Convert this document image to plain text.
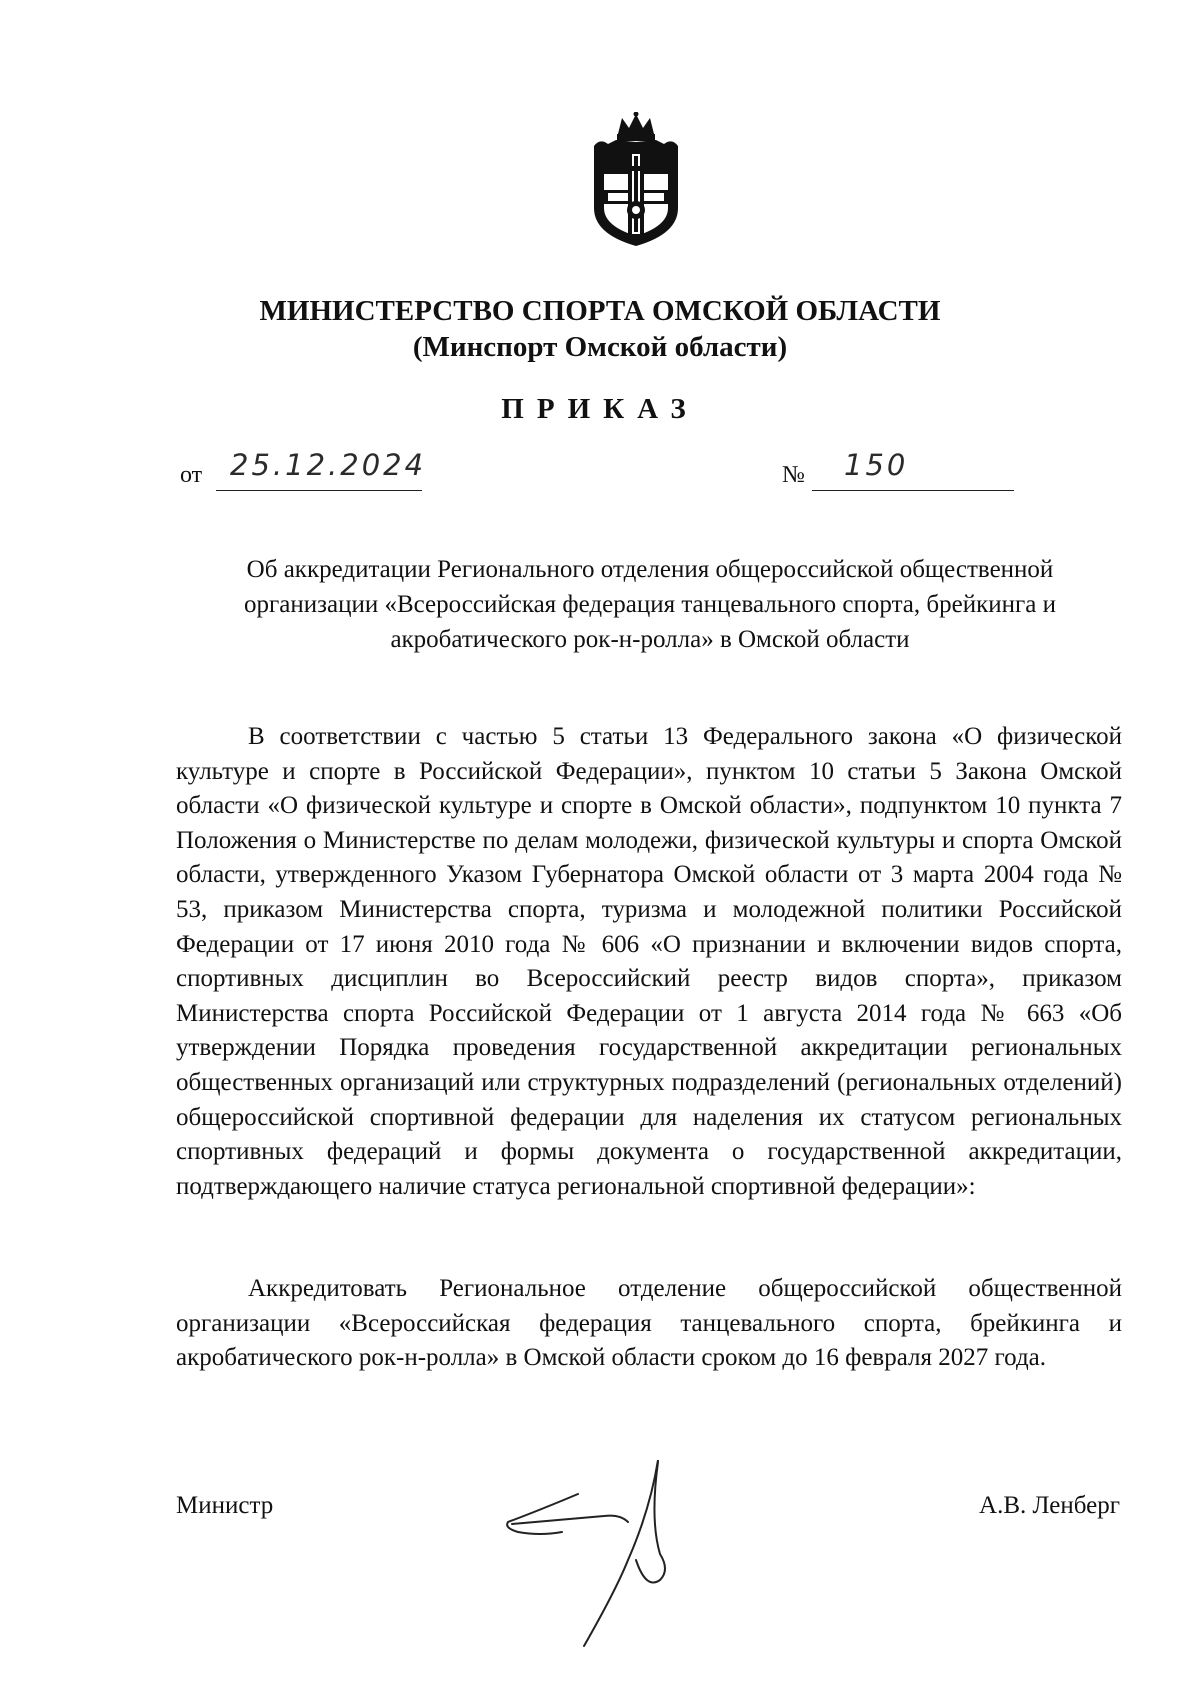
МИНИСТЕРСТВО СПОРТА ОМСКОЙ ОБЛАСТИ
(Минспорт Омской области)
ПРИКАЗ
от 25.12.2024	№ 150
Об аккредитации Регионального отделения общероссийской общественной организации «Всероссийская федерация танцевального спорта, брейкинга и акробатического рок-н-ролла» в Омской области

В соответствии с частью 5 статьи 13 Федерального закона «О физической культуре и спорте в Российской Федерации», пунктом 10 статьи 5 Закона Омской области «О физической культуре и спорте в Омской области», подпунктом 10 пункта 7 Положения о Министерстве по делам молодежи, физической культуры и спорта Омской области, утвержденного Указом Губернатора Омской области от 3 марта 2004 года № 53, приказом Министерства спорта, туризма и молодежной политики Российской Федерации от 17 июня 2010 года № 606 «О признании и включении видов спорта, спортивных дисциплин во Всероссийский реестр видов спорта», приказом Министерства спорта Российской Федерации от 1 августа 2014 года № 663 «Об утверждении Порядка проведения государственной аккредитации региональных общественных организаций или структурных подразделений (региональных отделений) общероссийской спортивной федерации для наделения их статусом региональных спортивных федераций и формы документа о государственной аккредитации, подтверждающего наличие статуса региональной спортивной федерации»:

Аккредитовать Региональное отделение общероссийской общественной организации «Всероссийская федерация танцевального спорта, брейкинга и акробатического рок-н-ролла» в Омской области сроком до 16 февраля 2027 года.

Министр	А.В. Ленберг
